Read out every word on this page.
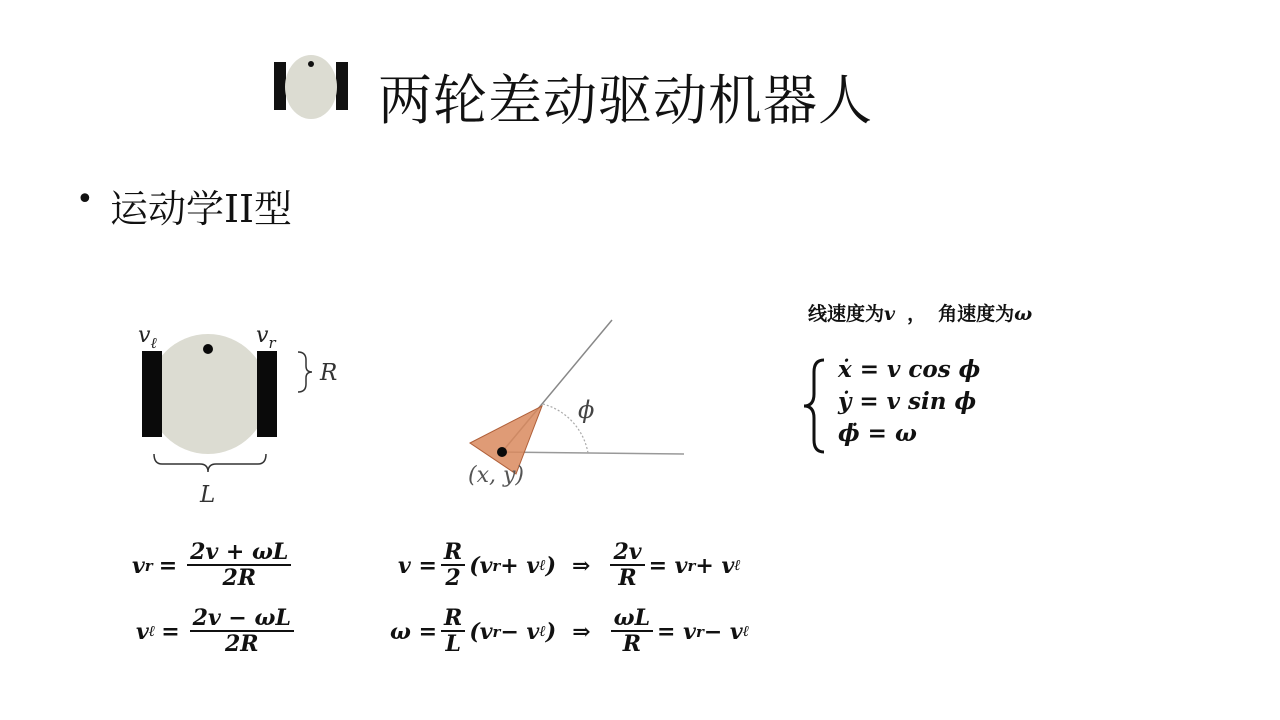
两轮差动驱动机器人
• 运动学II型
$v_\ell$	$v_r$
R
L
ϕ
(x, y)
线速度为v ， 角速度为ω
ẋ = v cos ϕ
ẏ = v sin ϕ
ϕ̇ = ω
v $r = \frac{2v + \omega L}{2R}$
v ℓ = $\frac{2v - \omega L}{2R}$
$v = \frac{R}{2} (v$ r + v ℓ ) ⇒ $\frac{2v}{R} = v$ r + v ℓ
$\omega = \frac{R}{L} (v$ r − v ℓ ) ⇒ $\frac{\omega L}{R} = v$ r − v ℓ
